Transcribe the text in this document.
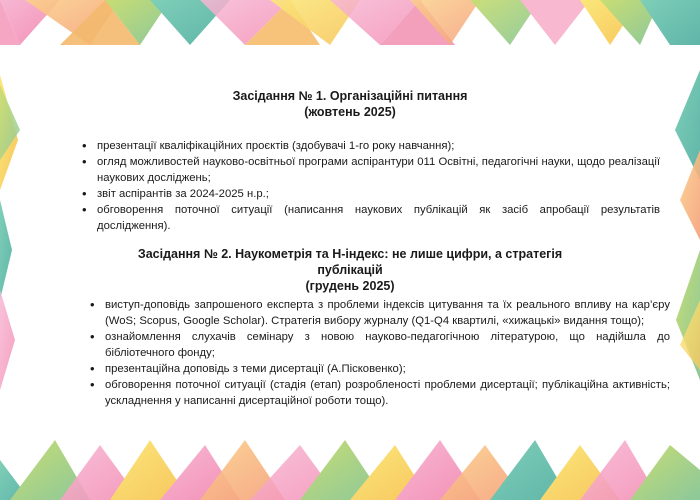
Засідання № 1. Організаційні питання
(жовтень 2025)
• презентації кваліфікаційних проєктів (здобувачі 1-го року навчання);
• огляд можливостей науково-освітньої програми аспірантури 011 Освітні, педагогічні науки, щодо реалізації наукових досліджень;
• звіт аспірантів за 2024-2025 н.р.;
• обговорення поточної ситуації (написання наукових публікацій як засіб апробації результатів дослідження).
Засідання № 2. Наукометрія та H-індекс: не лише цифри, а стратегія
публікацій
(грудень 2025)
• виступ-доповідь запрошеного експерта з проблеми індексів цитування та їх реального впливу на кар’єру (WoS; Scopus, Google Scholar). Стратегія вибору журналу (Q1-Q4 квартилі, «хижацькі» видання тощо);
• ознайомлення слухачів семінару з новою науково-педагогічною літературою, що надійшла до бібліотечного фонду;
• презентаційна доповідь з теми дисертації (А.Пісковенко);
• обговорення поточної ситуації (стадія (етап) розробленості проблеми дисертації; публікаційна активність; ускладнення у написанні дисертаційної роботи тощо).
